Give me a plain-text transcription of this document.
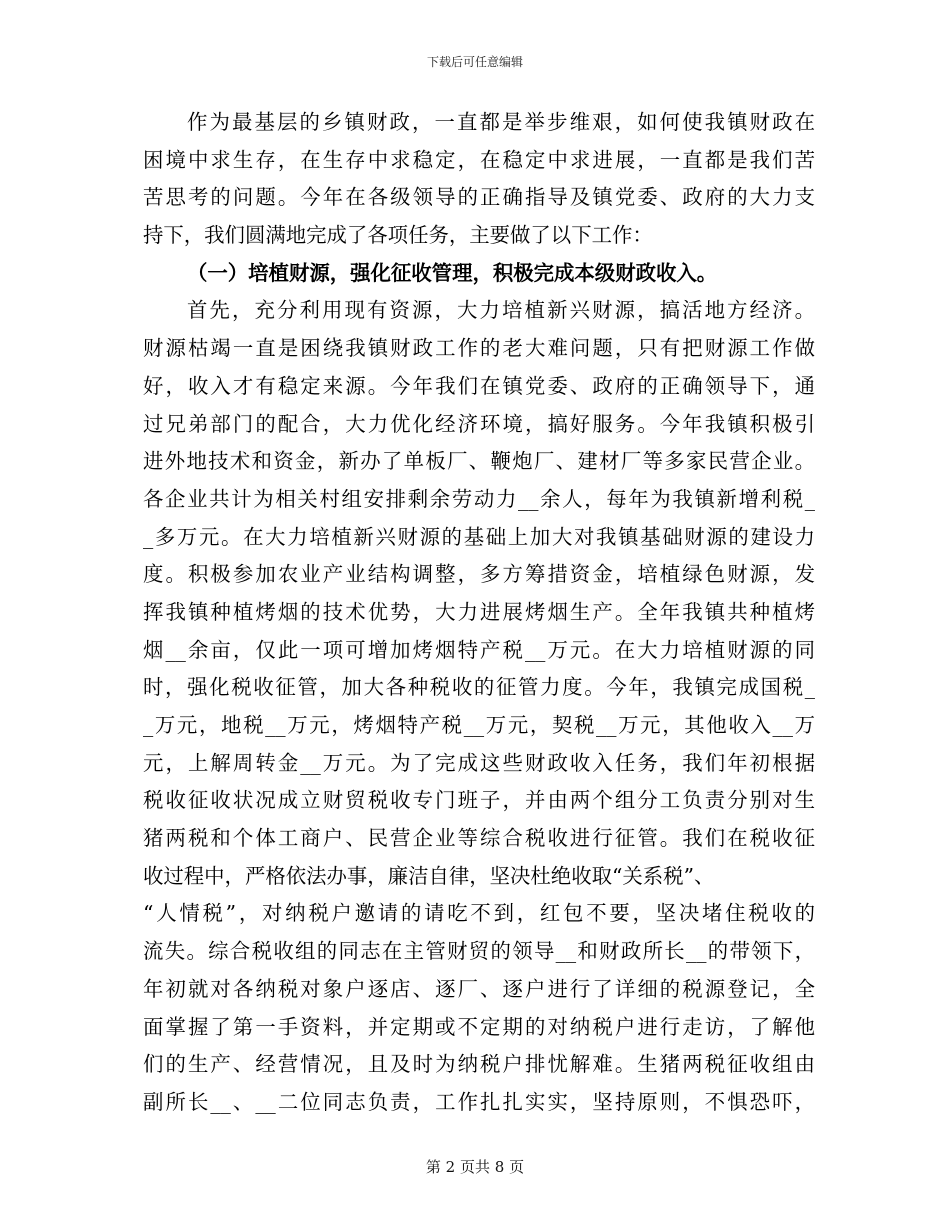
下载后可任意编辑
作为最基层的乡镇财政，一直都是举步维艰，如何使我镇财政在
困境中求生存，在生存中求稳定，在稳定中求进展，一直都是我们苦
苦思考的问题。今年在各级领导的正确指导及镇党委、政府的大力支
持下，我们圆满地完成了各项任务，主要做了以下工作：
（一）培植财源，强化征收管理，积极完成本级财政收入。
首先，充分利用现有资源，大力培植新兴财源，搞活地方经济。
财源枯竭一直是困绕我镇财政工作的老大难问题，只有把财源工作做
好，收入才有稳定来源。今年我们在镇党委、政府的正确领导下，通
过兄弟部门的配合，大力优化经济环境，搞好服务。今年我镇积极引
进外地技术和资金，新办了单板厂、鞭炮厂、建材厂等多家民营企业。
各企业共计为相关村组安排剩余劳动力__余人，每年为我镇新增利税_
_多万元。在大力培植新兴财源的基础上加大对我镇基础财源的建设力
度。积极参加农业产业结构调整，多方筹措资金，培植绿色财源，发
挥我镇种植烤烟的技术优势，大力进展烤烟生产。全年我镇共种植烤
烟__余亩，仅此一项可增加烤烟特产税__万元。在大力培植财源的同
时，强化税收征管，加大各种税收的征管力度。今年，我镇完成国税_
_万元，地税__万元，烤烟特产税__万元，契税__万元，其他收入__万
元，上解周转金__万元。为了完成这些财政收入任务，我们年初根据
税收征收状况成立财贸税收专门班子，并由两个组分工负责分别对生
猪两税和个体工商户、民营企业等综合税收进行征管。我们在税收征
收过程中，严格依法办事，廉洁自律，坚决杜绝收取“关系税”、
“人情税”，对纳税户邀请的请吃不到，红包不要，坚决堵住税收的
流失。综合税收组的同志在主管财贸的领导__和财政所长__的带领下，
年初就对各纳税对象户逐店、逐厂、逐户进行了详细的税源登记，全
面掌握了第一手资料，并定期或不定期的对纳税户进行走访，了解他
们的生产、经营情况，且及时为纳税户排忧解难。生猪两税征收组由
副所长__、__二位同志负责，工作扎扎实实，坚持原则，不惧恐吓，
第 2 页共 8 页
